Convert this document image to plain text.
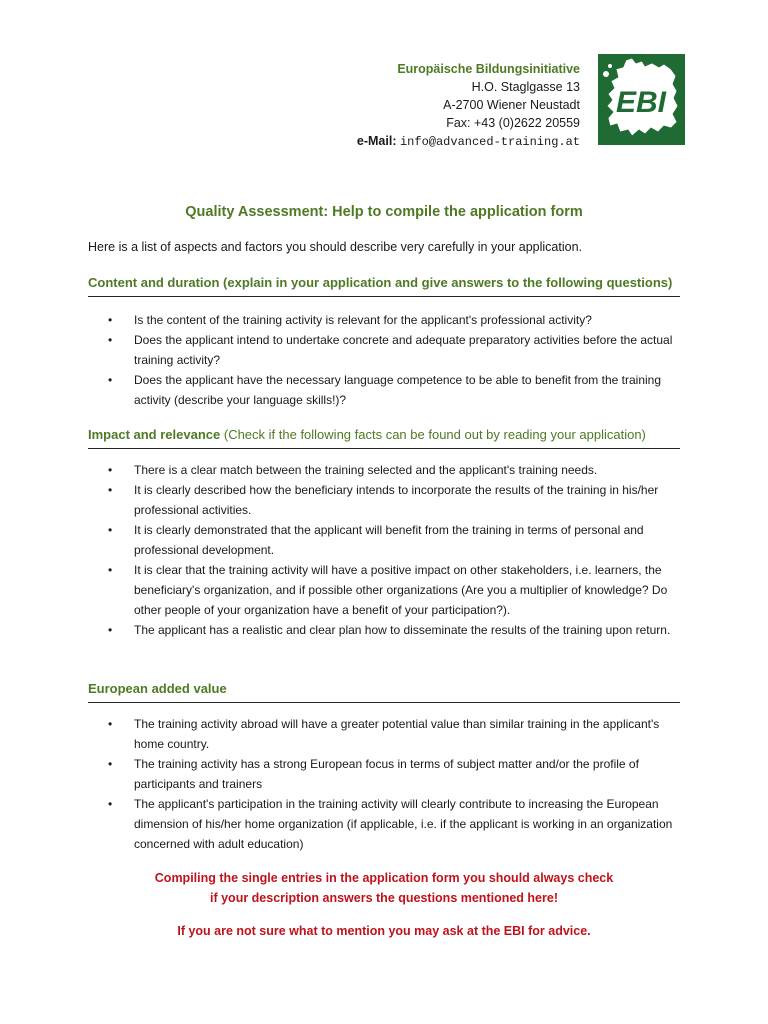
Europäische Bildungsinitiative
H.O. Staglgasse 13
A-2700 Wiener Neustadt
Fax: +43 (0)2622 20559
e-Mail: info@advanced-training.at
EBI
Quality Assessment: Help to compile the application form
Here is a list of aspects and factors you should describe very carefully in your application.
Content and duration (explain in your application and give answers to the following questions)
• Is the content of the training activity is relevant for the applicant's professional activity?
• Does the applicant intend to undertake concrete and adequate preparatory activities before the actual training activity?
• Does the applicant have the necessary language competence to be able to benefit from the training activity (describe your language skills!)?
Impact and relevance (Check if the following facts can be found out by reading your application)
• There is a clear match between the training selected and the applicant's training needs.
• It is clearly described how the beneficiary intends to incorporate the results of the training in his/her professional activities.
• It is clearly demonstrated that the applicant will benefit from the training in terms of personal and professional development.
• It is clear that the training activity will have a positive impact on other stakeholders, i.e. learners, the beneficiary's organization, and if possible other organizations (Are you a multiplier of knowledge? Do other people of your organization have a benefit of your participation?).
• The applicant has a realistic and clear plan how to disseminate the results of the training upon return.
European added value
• The training activity abroad will have a greater potential value than similar training in the applicant's home country.
• The training activity has a strong European focus in terms of subject matter and/or the profile of participants and trainers
• The applicant's participation in the training activity will clearly contribute to increasing the European dimension of his/her home organization (if applicable, i.e. if the applicant is working in an organization concerned with adult education)
Compiling the single entries in the application form you should always check
if your description answers the questions mentioned here!
If you are not sure what to mention you may ask at the EBI for advice.
